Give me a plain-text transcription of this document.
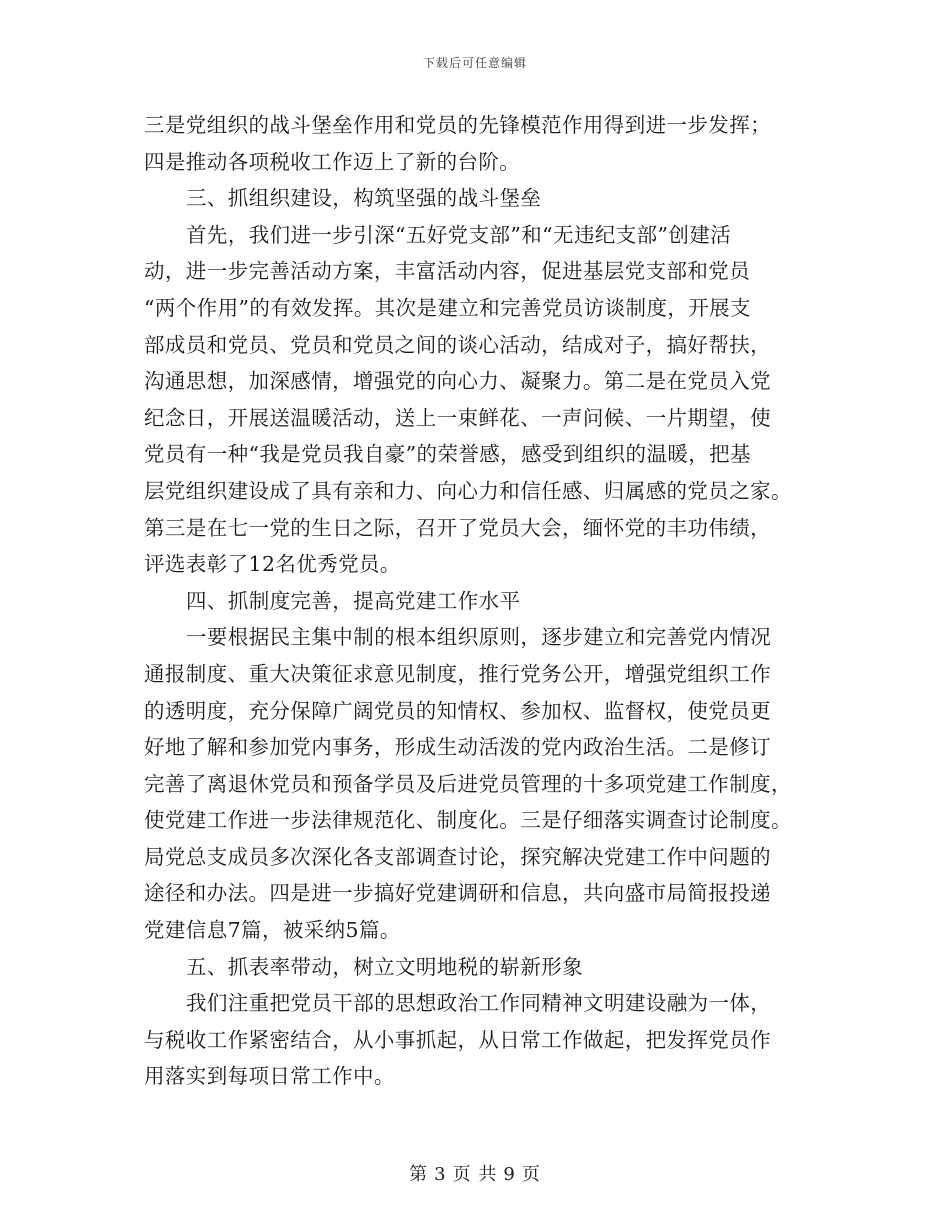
下载后可任意编辑
三是党组织的战斗堡垒作用和党员的先锋模范作用得到进一步发挥；
四是推动各项税收工作迈上了新的台阶。
三、抓组织建设，构筑坚强的战斗堡垒
首先，我们进一步引深“五好党支部”和“无违纪支部”创建活
动，进一步完善活动方案，丰富活动内容，促进基层党支部和党员
“两个作用”的有效发挥。其次是建立和完善党员访谈制度，开展支
部成员和党员、党员和党员之间的谈心活动，结成对子，搞好帮扶，
沟通思想，加深感情，增强党的向心力、凝聚力。第二是在党员入党
纪念日，开展送温暖活动，送上一束鲜花、一声问候、一片期望，使
党员有一种“我是党员我自豪”的荣誉感，感受到组织的温暖，把基
层党组织建设成了具有亲和力、向心力和信任感、归属感的党员之家。
第三是在七一党的生日之际，召开了党员大会，缅怀党的丰功伟绩，
评选表彰了12名优秀党员。
四、抓制度完善，提高党建工作水平
一要根据民主集中制的根本组织原则，逐步建立和完善党内情况
通报制度、重大决策征求意见制度，推行党务公开，增强党组织工作
的透明度，充分保障广阔党员的知情权、参加权、监督权，使党员更
好地了解和参加党内事务，形成生动活泼的党内政治生活。二是修订
完善了离退休党员和预备学员及后进党员管理的十多项党建工作制度，
使党建工作进一步法律规范化、制度化。三是仔细落实调查讨论制度。
局党总支成员多次深化各支部调查讨论，探究解决党建工作中问题的
途径和办法。四是进一步搞好党建调研和信息，共向盛市局简报投递
党建信息7篇，被采纳5篇。
五、抓表率带动，树立文明地税的崭新形象
我们注重把党员干部的思想政治工作同精神文明建设融为一体，
与税收工作紧密结合，从小事抓起，从日常工作做起，把发挥党员作
用落实到每项日常工作中。
第 3 页 共 9 页
